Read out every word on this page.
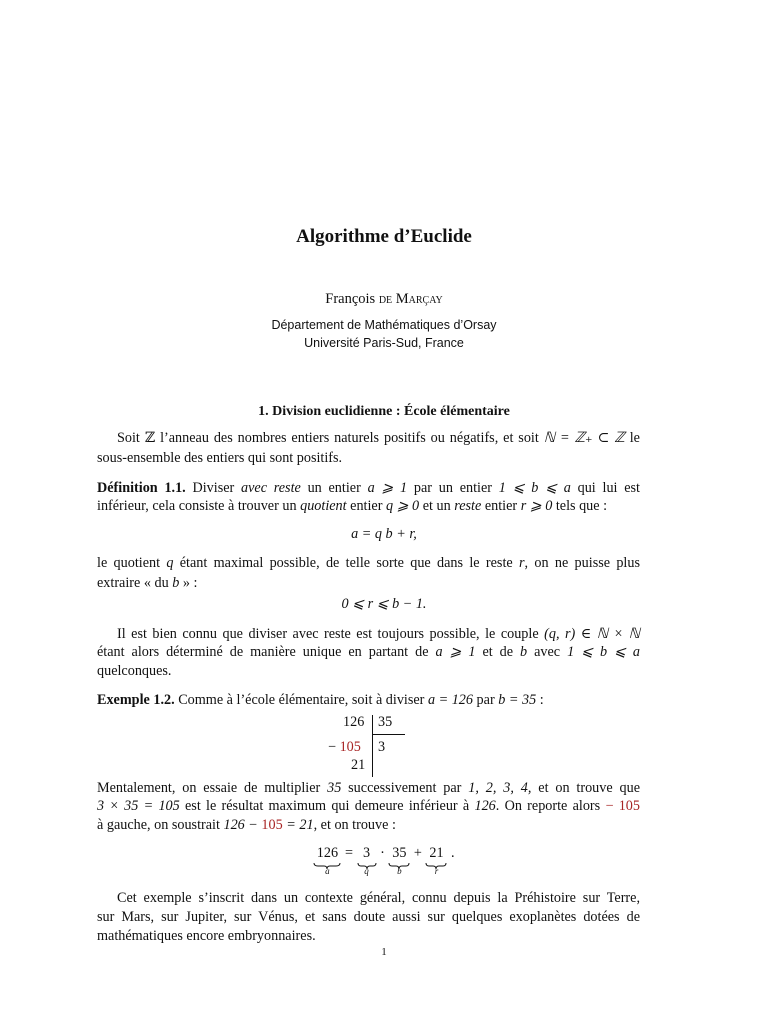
Algorithme d’Euclide
François de Marçay
Département de Mathématiques d’Orsay
Université Paris-Sud, France
1. Division euclidienne : École élémentaire
Soit ℤ l’anneau des nombres entiers naturels positifs ou négatifs, et soit ℕ = ℤ₊ ⊂ ℤ le
sous-ensemble des entiers qui sont positifs.
Définition 1.1. Diviser avec reste un entier a ⩾ 1 par un entier 1 ⩽ b ⩽ a qui lui est
inférieur, cela consiste à trouver un quotient entier q ⩾ 0 et un reste entier r ⩾ 0 tels que :
a = q b + r,
le quotient q étant maximal possible, de telle sorte que dans le reste r, on ne puisse plus
extraire « du b » :
0 ⩽ r ⩽ b − 1.
Il est bien connu que diviser avec reste est toujours possible, le couple (q, r) ∈ ℕ × ℕ
étant alors déterminé de manière unique en partant de a ⩾ 1 et de b avec 1 ⩽ b ⩽ a
quelconques.
Exemple 1.2. Comme à l’école élémentaire, soit à diviser a = 126 par b = 35 :
126 35
− 105 3
21
Mentalement, on essaie de multiplier 35 successivement par 1, 2, 3, 4, et on trouve que
3 × 35 = 105 est le résultat maximum qui demeure inférieur à 126. On reporte alors − 105
à gauche, on soustrait 126 − 105 = 21, et on trouve :
126
a
= 3
q
· 35
b
+ 21
r
.
Cet exemple s’inscrit dans un contexte général, connu depuis la Préhistoire sur Terre,
sur Mars, sur Jupiter, sur Vénus, et sans doute aussi sur quelques exoplanètes dotées de
mathématiques encore embryonnaires.
1
